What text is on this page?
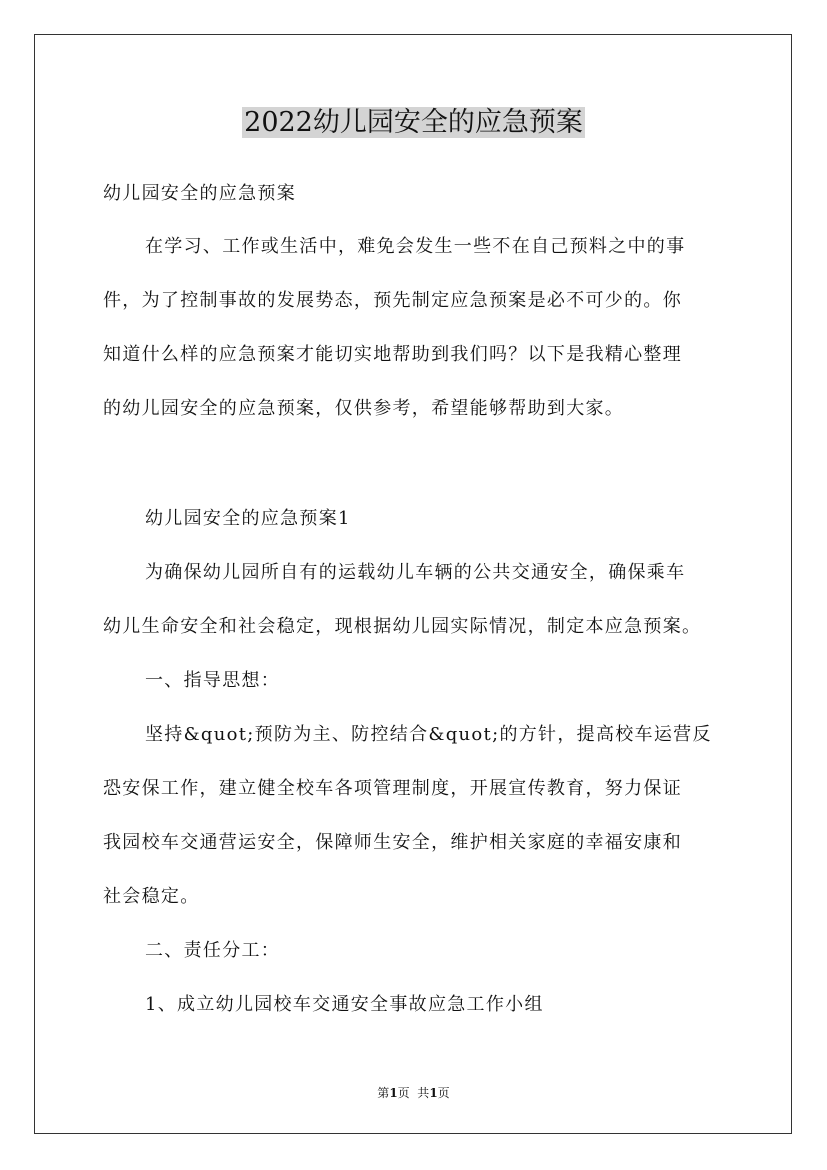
2022幼儿园安全的应急预案
幼儿园安全的应急预案
在学习、工作或生活中，难免会发生一些不在自己预料之中的事
件，为了控制事故的发展势态，预先制定应急预案是必不可少的。你
知道什么样的应急预案才能切实地帮助到我们吗？以下是我精心整理
的幼儿园安全的应急预案，仅供参考，希望能够帮助到大家。
幼儿园安全的应急预案1
为确保幼儿园所自有的运载幼儿车辆的公共交通安全，确保乘车
幼儿生命安全和社会稳定，现根据幼儿园实际情况，制定本应急预案。
一、指导思想：
坚持&quot;预防为主、防控结合&quot;的方针，提高校车运营反
恐安保工作，建立健全校车各项管理制度，开展宣传教育，努力保证
我园校车交通营运安全，保障师生安全，维护相关家庭的幸福安康和
社会稳定。
二、责任分工：
1、成立幼儿园校车交通安全事故应急工作小组
第1页  共1页
